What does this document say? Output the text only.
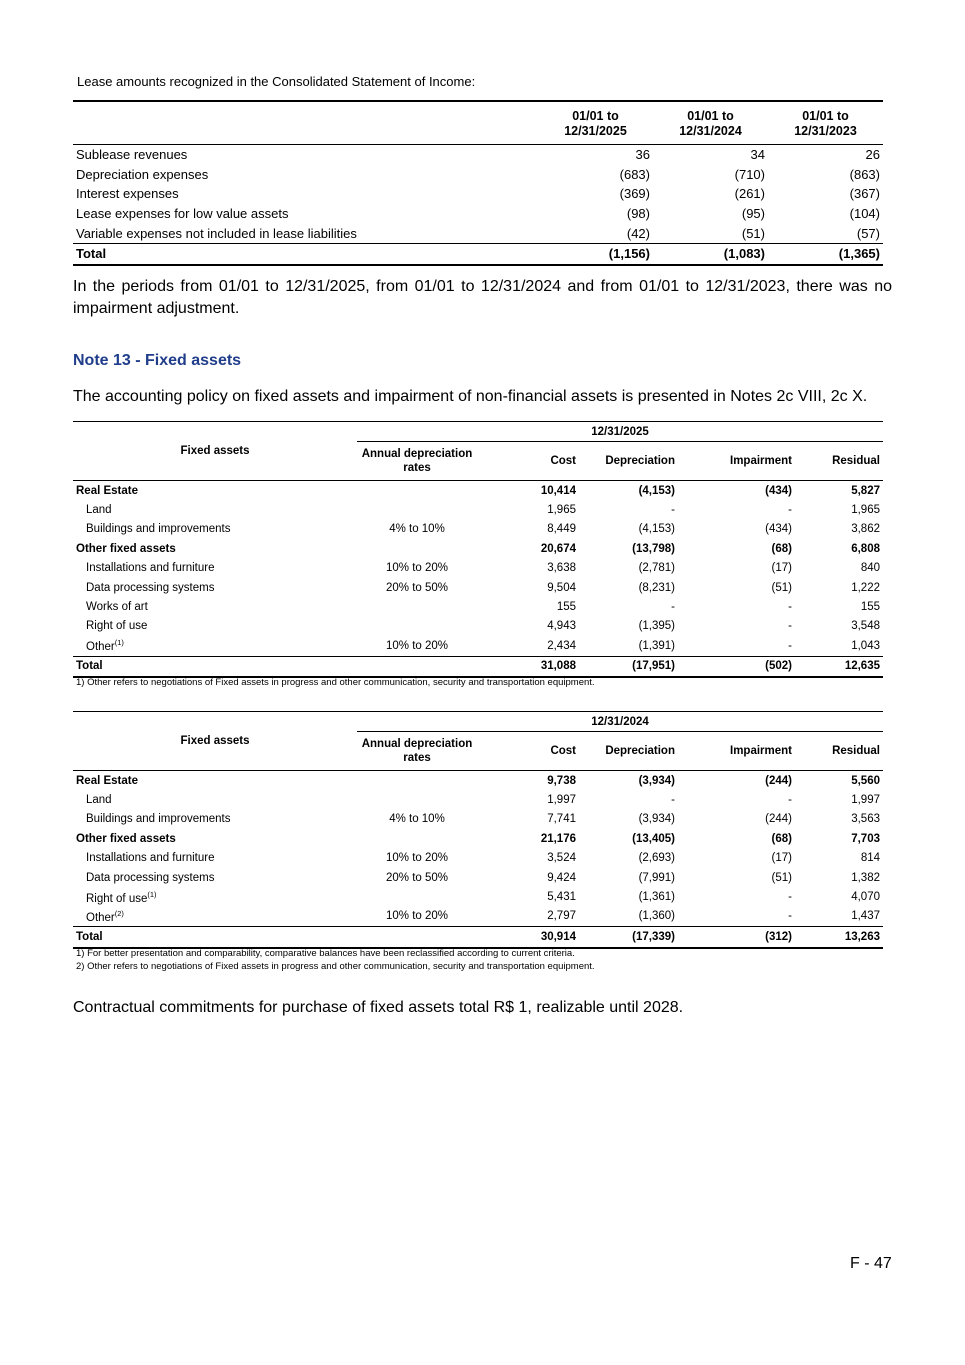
Lease amounts recognized in the Consolidated Statement of Income:
	01/01 to 12/31/2025	01/01 to 12/31/2024	01/01 to 12/31/2023
Sublease revenues	36	34	26
Depreciation expenses	(683)	(710)	(863)
Interest expenses	(369)	(261)	(367)
Lease expenses for low value assets	(98)	(95)	(104)
Variable expenses not included in lease liabilities	(42)	(51)	(57)
Total	(1,156)	(1,083)	(1,365)
In the periods from 01/01 to 12/31/2025, from 01/01 to 12/31/2024 and from 01/01 to 12/31/2023, there was no impairment adjustment.
Note 13 - Fixed assets
The accounting policy on fixed assets and impairment of non-financial assets is presented in Notes 2c VIII, 2c X.
Fixed assets	12/31/2025				
	Annual depreciation rates	Cost	Depreciation	Impairment	Residual
Real Estate		10,414	(4,153)	(434)	5,827
Land		1,965	-	-	1,965
Buildings and improvements	4% to 10%	8,449	(4,153)	(434)	3,862
Other fixed assets		20,674	(13,798)	(68)	6,808
Installations and furniture	10% to 20%	3,638	(2,781)	(17)	840
Data processing systems	20% to 50%	9,504	(8,231)	(51)	1,222
Works of art		155	-	-	155
Right of use		4,943	(1,395)	-	3,548
Other$^{(1)}$	10% to 20%	2,434	(1,391)	-	1,043
Total		31,088	(17,951)	(502)	12,635
1) Other refers to negotiations of Fixed assets in progress and other communication, security and transportation equipment.
Fixed assets	12/31/2024				
	Annual depreciation rates	Cost	Depreciation	Impairment	Residual
Real Estate		9,738	(3,934)	(244)	5,560
Land		1,997	-	-	1,997
Buildings and improvements	4% to 10%	7,741	(3,934)	(244)	3,563
Other fixed assets		21,176	(13,405)	(68)	7,703
Installations and furniture	10% to 20%	3,524	(2,693)	(17)	814
Data processing systems	20% to 50%	9,424	(7,991)	(51)	1,382
Right of use$^{(1)}$		5,431	(1,361)	-	4,070
Other$^{(2)}$	10% to 20%	2,797	(1,360)	-	1,437
Total		30,914	(17,339)	(312)	13,263
1) For better presentation and comparability, comparative balances have been reclassified according to current criteria.
2) Other refers to negotiations of Fixed assets in progress and other communication, security and transportation equipment.
Contractual commitments for purchase of fixed assets total R$ 1, realizable until 2028.
F - 47
